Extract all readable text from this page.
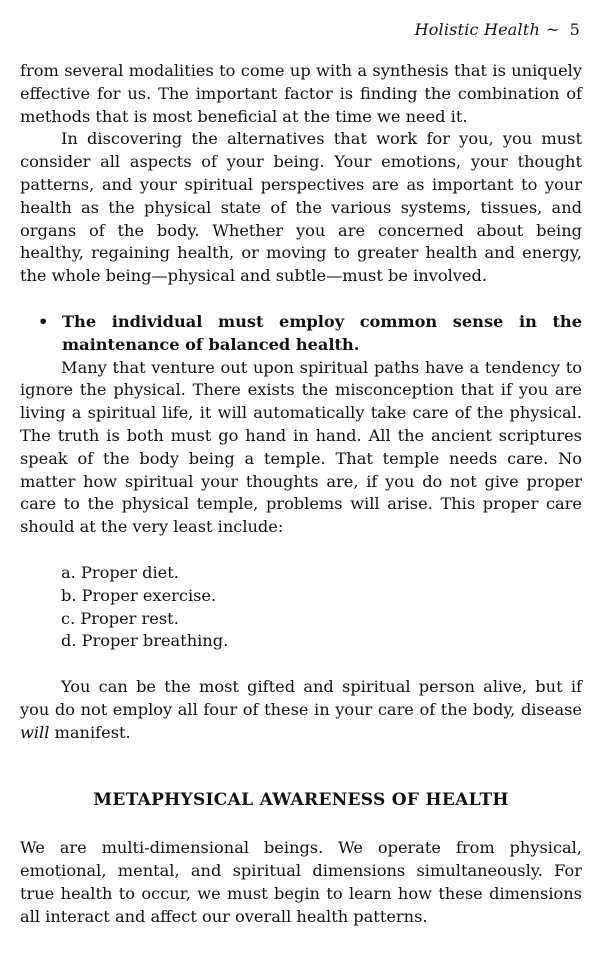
Holistic Health ~ 5

from several modalities to come up with a synthesis that is uniquely effective for us. The important factor is finding the combination of methods that is most beneficial at the time we need it.

In discovering the alternatives that work for you, you must consider all aspects of your being. Your emotions, your thought patterns, and your spiritual perspectives are as important to your health as the physical state of the various systems, tissues, and organs of the body. Whether you are concerned about being healthy, regaining health, or moving to greater health and energy, the whole being—physical and subtle—must be involved.

• The individual must employ common sense in the maintenance of balanced health.

Many that venture out upon spiritual paths have a tendency to ignore the physical. There exists the misconception that if you are living a spiritual life, it will automatically take care of the physical. The truth is both must go hand in hand. All the ancient scriptures speak of the body being a temple. That temple needs care. No matter how spiritual your thoughts are, if you do not give proper care to the physical temple, problems will arise. This proper care should at the very least include:

a. Proper diet.
b. Proper exercise.
c. Proper rest.
d. Proper breathing.

You can be the most gifted and spiritual person alive, but if you do not employ all four of these in your care of the body, disease will manifest.

METAPHYSICAL AWARENESS OF HEALTH

We are multi-dimensional beings. We operate from physical, emotional, mental, and spiritual dimensions simultaneously. For true health to occur, we must begin to learn how these dimensions all interact and affect our overall health patterns.
